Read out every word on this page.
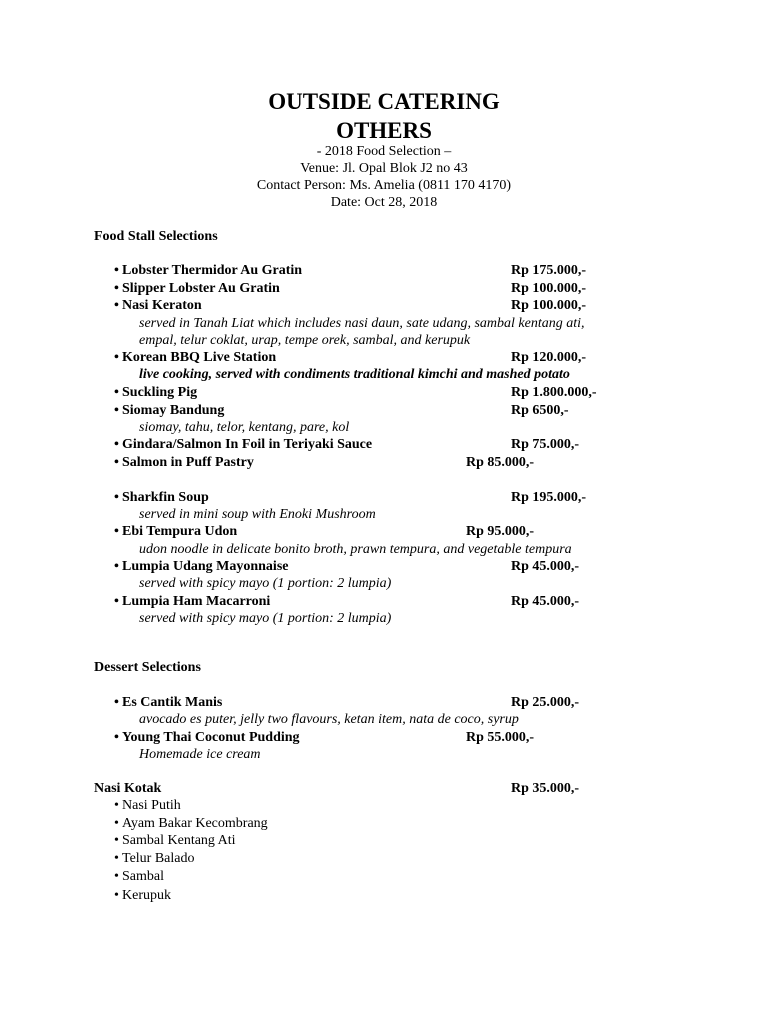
OUTSIDE CATERING
OTHERS
- 2018 Food Selection –
Venue: Jl. Opal Blok J2 no 43
Contact Person: Ms. Amelia (0811 170 4170)
Date: Oct 28, 2018
Food Stall Selections
• Lobster Thermidor Au Gratin	Rp 175.000,-
• Slipper Lobster Au Gratin	Rp 100.000,-
• Nasi Keraton	Rp 100.000,-
served in Tanah Liat which includes nasi daun, sate udang, sambal kentang ati,
empal, telur coklat, urap, tempe orek, sambal, and kerupuk
• Korean BBQ Live Station	Rp 120.000,-
live cooking, served with condiments traditional kimchi and mashed potato
• Suckling Pig	Rp 1.800.000,-
• Siomay Bandung	Rp 6500,-
siomay, tahu, telor, kentang, pare, kol
• Gindara/Salmon In Foil in Teriyaki Sauce	Rp 75.000,-
• Salmon in Puff Pastry	Rp 85.000,-
• Sharkfin Soup	Rp 195.000,-
served in mini soup with Enoki Mushroom
• Ebi Tempura Udon	Rp 95.000,-
udon noodle in delicate bonito broth, prawn tempura, and vegetable tempura
• Lumpia Udang Mayonnaise	Rp 45.000,-
served with spicy mayo (1 portion: 2 lumpia)
• Lumpia Ham Macarroni	Rp 45.000,-
served with spicy mayo (1 portion: 2 lumpia)
Dessert Selections
• Es Cantik Manis	Rp 25.000,-
avocado es puter, jelly two flavours, ketan item, nata de coco, syrup
• Young Thai Coconut Pudding	Rp 55.000,-
Homemade ice cream
Nasi Kotak	Rp 35.000,-
• Nasi Putih
• Ayam Bakar Kecombrang
• Sambal Kentang Ati
• Telur Balado
• Sambal
• Kerupuk
